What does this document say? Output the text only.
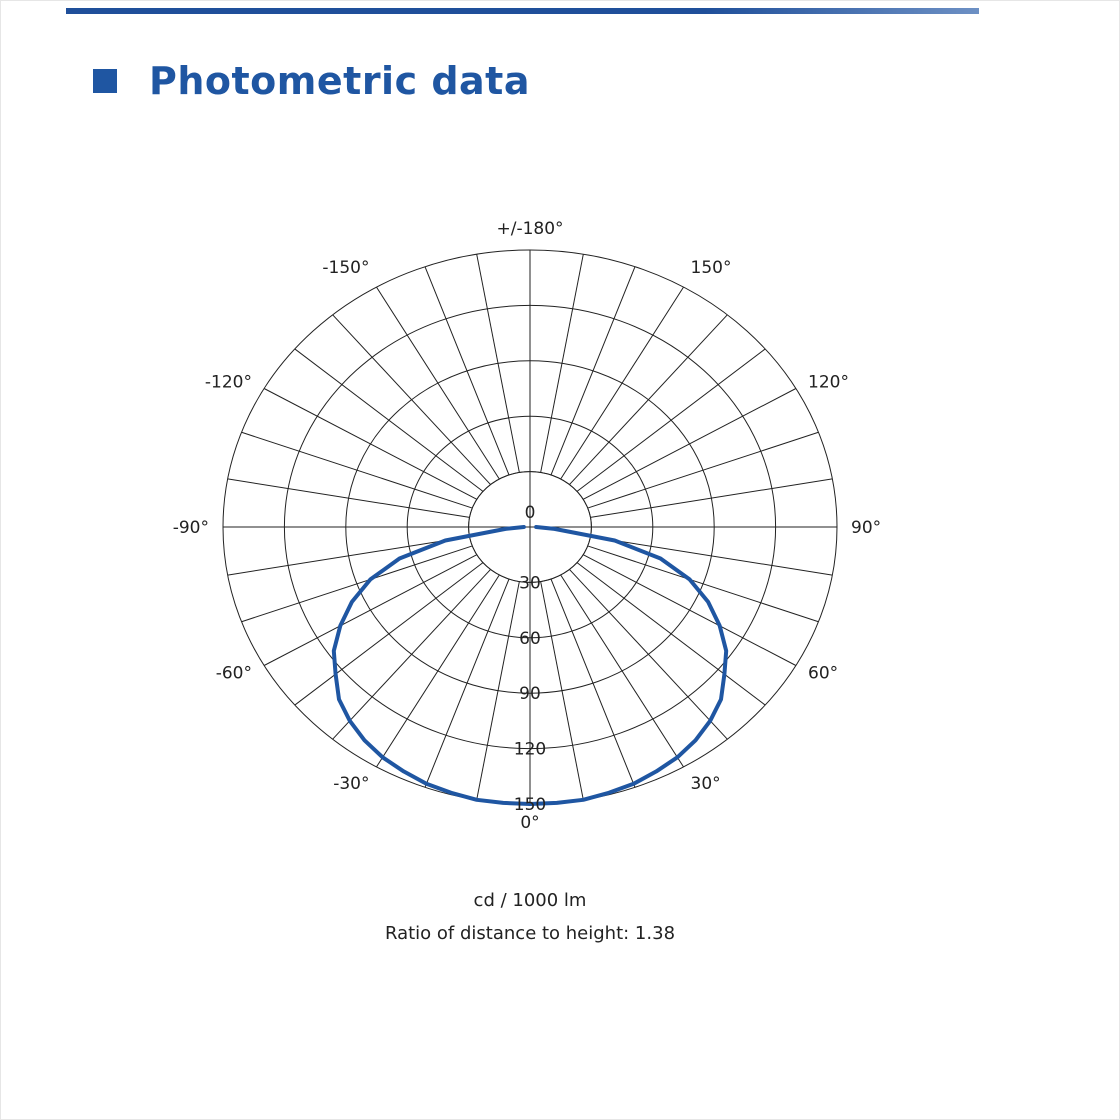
Photometric data
0
30
60
90
120
150
0°
30°
60°
90°
120°
150°
+/-180°
-150°
-120°
-90°
-60°
-30°
cd / 1000 lm
Ratio of distance to height: 1.38
